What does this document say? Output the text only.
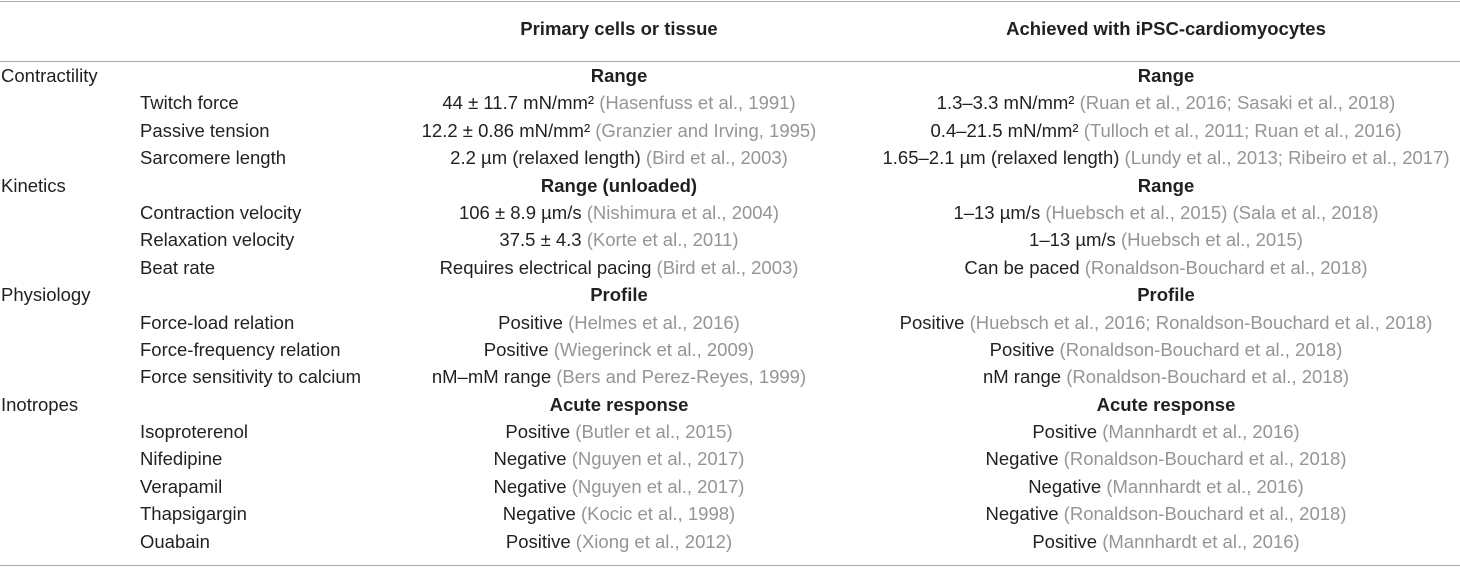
Primary cells or tissue	Achieved with iPSC-cardiomyocytes
Contractility	Range	Range
Twitch force	44 ± 11.7 mN/mm² (Hasenfuss et al., 1991)	1.3–3.3 mN/mm² (Ruan et al., 2016; Sasaki et al., 2018)
Passive tension	12.2 ± 0.86 mN/mm² (Granzier and Irving, 1995)	0.4–21.5 mN/mm² (Tulloch et al., 2011; Ruan et al., 2016)
Sarcomere length	2.2 µm (relaxed length) (Bird et al., 2003)	1.65–2.1 µm (relaxed length) (Lundy et al., 2013; Ribeiro et al., 2017)
Kinetics	Range (unloaded)	Range
Contraction velocity	106 ± 8.9 µm/s (Nishimura et al., 2004)	1–13 µm/s (Huebsch et al., 2015) (Sala et al., 2018)
Relaxation velocity	37.5 ± 4.3 (Korte et al., 2011)	1–13 µm/s (Huebsch et al., 2015)
Beat rate	Requires electrical pacing (Bird et al., 2003)	Can be paced (Ronaldson-Bouchard et al., 2018)
Physiology	Profile	Profile
Force-load relation	Positive (Helmes et al., 2016)	Positive (Huebsch et al., 2016; Ronaldson-Bouchard et al., 2018)
Force-frequency relation	Positive (Wiegerinck et al., 2009)	Positive (Ronaldson-Bouchard et al., 2018)
Force sensitivity to calcium	nM–mM range (Bers and Perez-Reyes, 1999)	nM range (Ronaldson-Bouchard et al., 2018)
Inotropes	Acute response	Acute response
Isoproterenol	Positive (Butler et al., 2015)	Positive (Mannhardt et al., 2016)
Nifedipine	Negative (Nguyen et al., 2017)	Negative (Ronaldson-Bouchard et al., 2018)
Verapamil	Negative (Nguyen et al., 2017)	Negative (Mannhardt et al., 2016)
Thapsigargin	Negative (Kocic et al., 1998)	Negative (Ronaldson-Bouchard et al., 2018)
Ouabain	Positive (Xiong et al., 2012)	Positive (Mannhardt et al., 2016)
